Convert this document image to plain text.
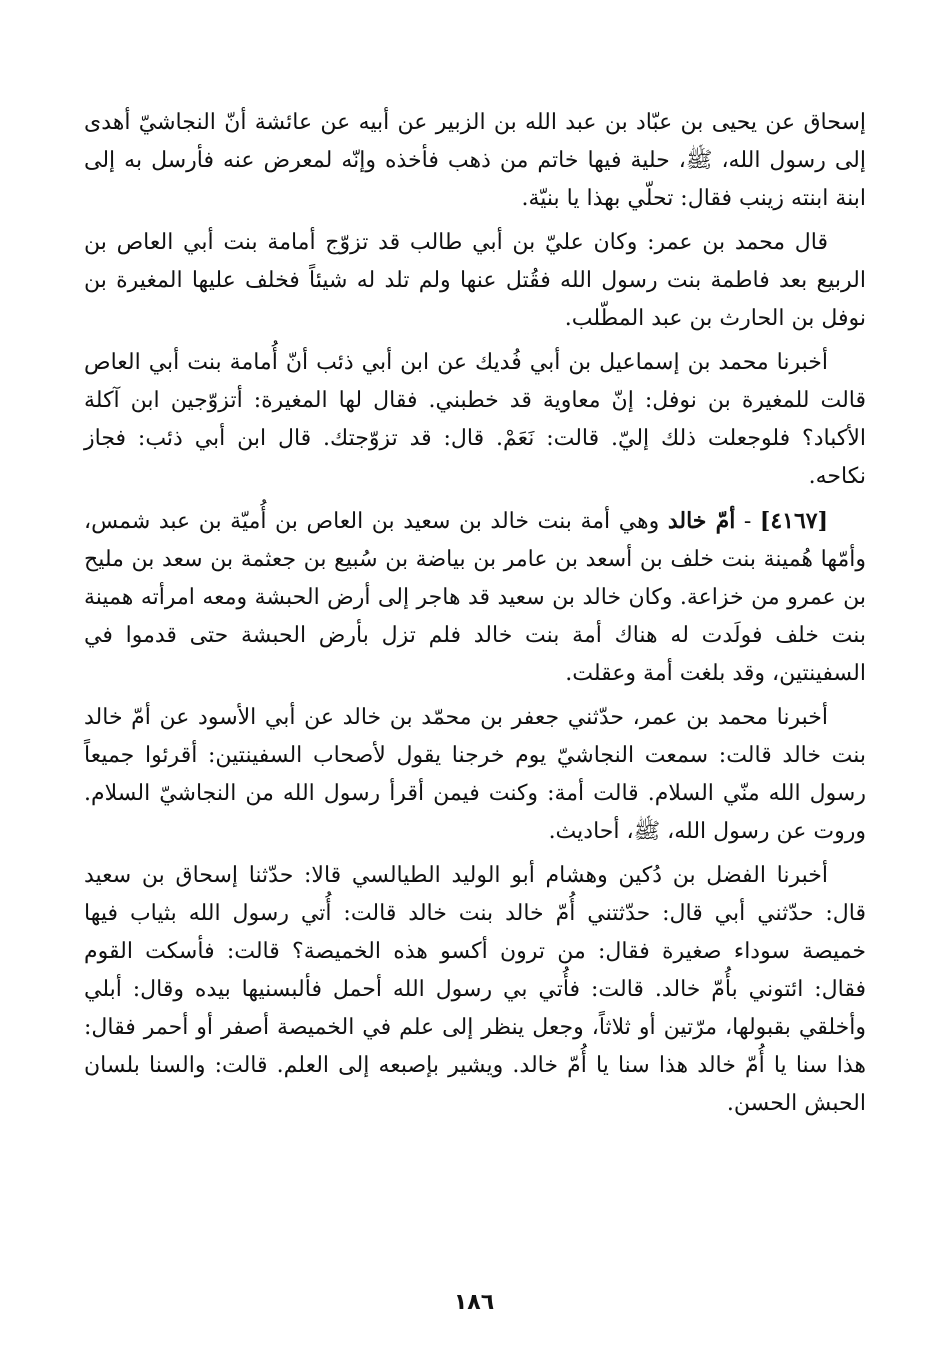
إسحاق عن يحيى بن عبّاد بن عبد الله بن الزبير عن أبيه عن عائشة أنّ النجاشيّ أهدى إلى رسول الله، ﷺ، حلية فيها خاتم من ذهب فأخذه وإنّه لمعرض عنه فأرسل به إلى ابنة ابنته زينب فقال: تحلّي بهذا يا بنيّة.

قال محمد بن عمر: وكان عليّ بن أبي طالب قد تزوّج أمامة بنت أبي العاص بن الربيع بعد فاطمة بنت رسول الله فقُتل عنها ولم تلد له شيئاً فخلف عليها المغيرة بن نوفل بن الحارث بن عبد المطّلب.

أخبرنا محمد بن إسماعيل بن أبي فُديك عن ابن أبي ذئب أنّ أُمامة بنت أبي العاص قالت للمغيرة بن نوفل: إنّ معاوية قد خطبني. فقال لها المغيرة: أتزوّجين ابن آكلة الأكباد؟ فلوجعلت ذلك إليّ. قالت: نَعَمْ. قال: قد تزوّجتك. قال ابن أبي ذئب: فجاز نكاحه.

[٤١٦٧] - أمّ خالد وهي أمة بنت خالد بن سعيد بن العاص بن أُميّة بن عبد شمس، وأمّها هُمينة بنت خلف بن أسعد بن عامر بن بياضة بن سُبيع بن جعثمة بن سعد بن مليح بن عمرو من خزاعة. وكان خالد بن سعيد قد هاجر إلى أرض الحبشة ومعه امرأته همينة بنت خلف فولَدت له هناك أمة بنت خالد فلم تزل بأرض الحبشة حتى قدموا في السفينتين، وقد بلغت أمة وعقلت.

أخبرنا محمد بن عمر، حدّثني جعفر بن محمّد بن خالد عن أبي الأسود عن أمّ خالد بنت خالد قالت: سمعت النجاشيّ يوم خرجنا يقول لأصحاب السفينتين: أقرئوا جميعاً رسول الله منّي السلام. قالت أمة: وكنت فيمن أقرأ رسول الله من النجاشيّ السلام. وروت عن رسول الله، ﷺ، أحاديث.

أخبرنا الفضل بن دُكين وهشام أبو الوليد الطيالسي قالا: حدّثنا إسحاق بن سعيد قال: حدّثني أبي قال: حدّثتني أُمّ خالد بنت خالد قالت: أُتي رسول الله بثياب فيها خميصة سوداء صغيرة فقال: من ترون أكسو هذه الخميصة؟ قالت: فأسكت القوم فقال: ائتوني بأُمّ خالد. قالت: فأُتي بي رسول الله أحمل فألبسنيها بيده وقال: أبلي وأخلقي بقبولها، مرّتين أو ثلاثاً، وجعل ينظر إلى علم في الخميصة أصفر أو أحمر فقال: هذا سنا يا أُمّ خالد هذا سنا يا أُمّ خالد. ويشير بإصبعه إلى العلم. قالت: والسنا بلسان الحبش الحسن.

١٨٦
